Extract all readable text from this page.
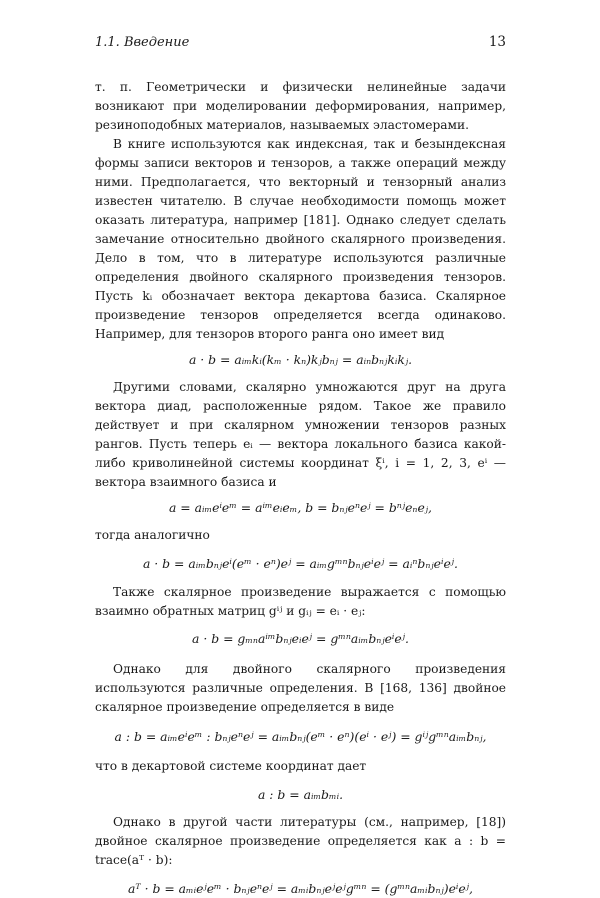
1.1. Введение	13

т. п. Геометрически и физически нелинейные задачи возникают при моделировании деформирования, например, резиноподобных материалов, называемых эластомерами.

В книге используются как индексная, так и безындексная формы записи векторов и тензоров, а также операций между ними. Предполагается, что векторный и тензорный анализ известен читателю. В случае необходимости помощь может оказать литература, например [181]. Однако следует сделать замечание относительно двойного скалярного произведения. Дело в том, что в литературе используются различные определения двойного скалярного произведения тензоров. Пусть kᵢ обозначает вектора декартова базиса. Скалярное произведение тензоров определяется всегда одинаково. Например, для тензоров второго ранга оно имеет вид

a · b = aᵢₘkᵢ(kₘ · kₙ)kⱼbₙⱼ = aᵢₙbₙⱼkᵢkⱼ.

Другими словами, скалярно умножаются друг на друга вектора диад, расположенные рядом. Такое же правило действует и при скалярном умножении тензоров разных рангов. Пусть теперь eᵢ — вектора локального базиса какой-либо криволинейной системы координат ξⁱ, i = 1, 2, 3, eⁱ — вектора взаимного базиса и

a = aᵢₘeⁱeᵐ = aⁱᵐeᵢeₘ, b = bₙⱼeⁿeʲ = bⁿʲeₙeⱼ,

тогда аналогично

a · b = aᵢₘbₙⱼeⁱ(eᵐ · eⁿ)eʲ = aᵢₘgᵐⁿbₙⱼeⁱeʲ = aᵢⁿbₙⱼeⁱeʲ.

Также скалярное произведение выражается с помощью взаимно обратных матриц gⁱʲ и gᵢⱼ = eᵢ · eⱼ:

a · b = gₘₙaⁱᵐbₙⱼeᵢeʲ = gᵐⁿaᵢₘbₙⱼeⁱeʲ.

Однако для двойного скалярного произведения используются различные определения. В [168, 136] двойное скалярное произведение определяется в виде

a : b = aᵢₘeⁱeᵐ : bₙⱼeⁿeʲ = aᵢₘbₙⱼ(eᵐ · eⁿ)(eⁱ · eʲ) = gⁱʲgᵐⁿaᵢₘbₙⱼ,

что в декартовой системе координат дает

a : b = aᵢₘbₘᵢ.

Однако в другой части литературы (см., например, [18]) двойное скалярное произведение определяется как a : b = trace(aᵀ · b):

aᵀ · b = aₘᵢeʲeᵐ · bₙⱼeⁿeʲ = aₘᵢbₙⱼeʲeʲgᵐⁿ = (gᵐⁿaₘᵢbₙⱼ)eⁱeʲ,
